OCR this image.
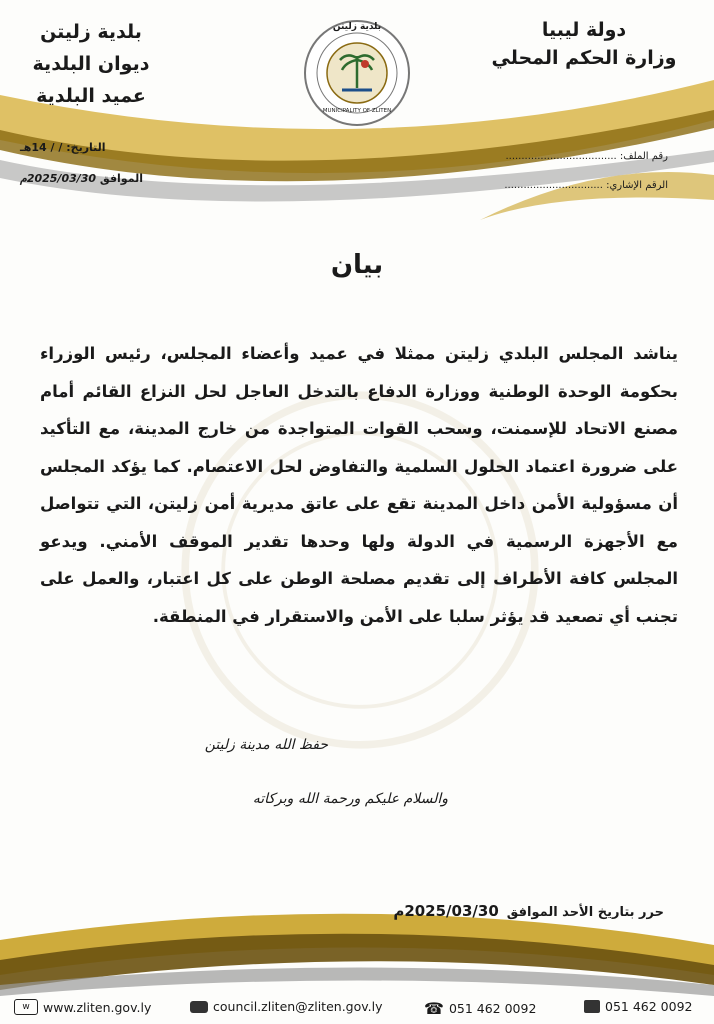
دولة ليبيا
وزارة الحكم المحلي
بلدية زليتن
ديوان البلدية
عميد البلدية
بلدية زليتن
MUNICIPALITY OF ZLITEN
رقم الملف: ...................................
الرقم الإشاري: ...............................
التاريخ: / / 14هـ
الموافق 2025/03/30م
بيان
يناشد المجلس البلدي زليتن ممثلا في عميد وأعضاء المجلس، رئيس الوزراء بحكومة الوحدة الوطنية ووزارة الدفاع بالتدخل العاجل لحل النزاع القائم أمام مصنع الاتحاد للإسمنت، وسحب القوات المتواجدة من خارج المدينة، مع التأكيد على ضرورة اعتماد الحلول السلمية والتفاوض لحل الاعتصام. كما يؤكد المجلس أن مسؤولية الأمن داخل المدينة تقع على عاتق مديرية أمن زليتن، التي تتواصل مع الأجهزة الرسمية في الدولة ولها وحدها تقدير الموقف الأمني. ويدعو المجلس كافة الأطراف إلى تقديم مصلحة الوطن على كل اعتبار، والعمل على تجنب أي تصعيد قد يؤثر سلبا على الأمن والاستقرار في المنطقة.
حفظ الله مدينة زليتن
والسلام عليكم ورحمة الله وبركاته
حرر بتاريخ الأحد الموافق
2025/03/30م
w	www.zliten.gov.ly	council.zliten@zliten.gov.ly	☎ 051 462 0092	051 462 0092
